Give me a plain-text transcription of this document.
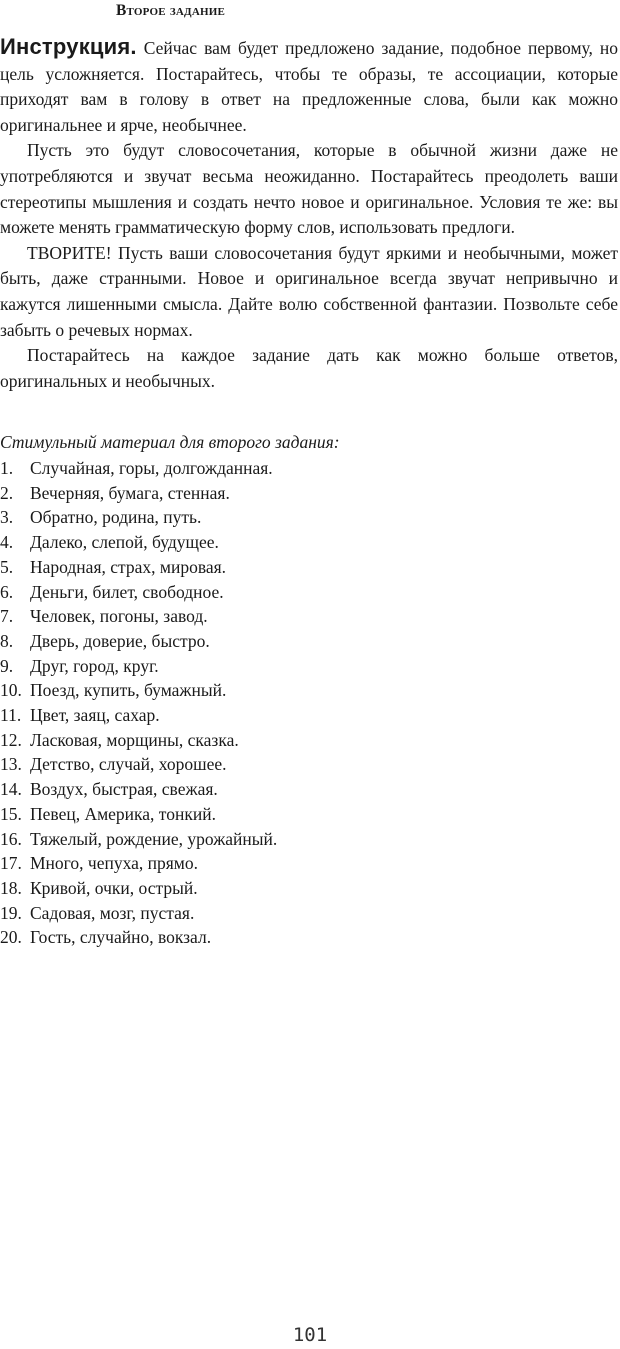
Второе задание

Инструкция. Сейчас вам будет предложено задание, подобное первому, но цель усложняется. Постарайтесь, чтобы те образы, те ассоциации, которые приходят вам в голову в ответ на предложенные слова, были как можно оригинальнее и ярче, необычнее.

Пусть это будут словосочетания, которые в обычной жизни даже не употребляются и звучат весьма неожиданно. Постарайтесь преодолеть ваши стереотипы мышления и создать нечто новое и оригинальное. Условия те же: вы можете менять грамматическую форму слов, использовать предлоги.

ТВОРИТЕ! Пусть ваши словосочетания будут яркими и необычными, может быть, даже странными. Новое и оригинальное всегда звучат непривычно и кажутся лишенными смысла. Дайте волю собственной фантазии. Позвольте себе забыть о речевых нормах.

Постарайтесь на каждое задание дать как можно больше ответов, оригинальных и необычных.

Стимульный материал для второго задания:
1. Случайная, горы, долгожданная.
2. Вечерняя, бумага, стенная.
3. Обратно, родина, путь.
4. Далеко, слепой, будущее.
5. Народная, страх, мировая.
6. Деньги, билет, свободное.
7. Человек, погоны, завод.
8. Дверь, доверие, быстро.
9. Друг, город, круг.
10. Поезд, купить, бумажный.
11. Цвет, заяц, сахар.
12. Ласковая, морщины, сказка.
13. Детство, случай, хорошее.
14. Воздух, быстрая, свежая.
15. Певец, Америка, тонкий.
16. Тяжелый, рождение, урожайный.
17. Много, чепуха, прямо.
18. Кривой, очки, острый.
19. Садовая, мозг, пустая.
20. Гость, случайно, вокзал.
101
